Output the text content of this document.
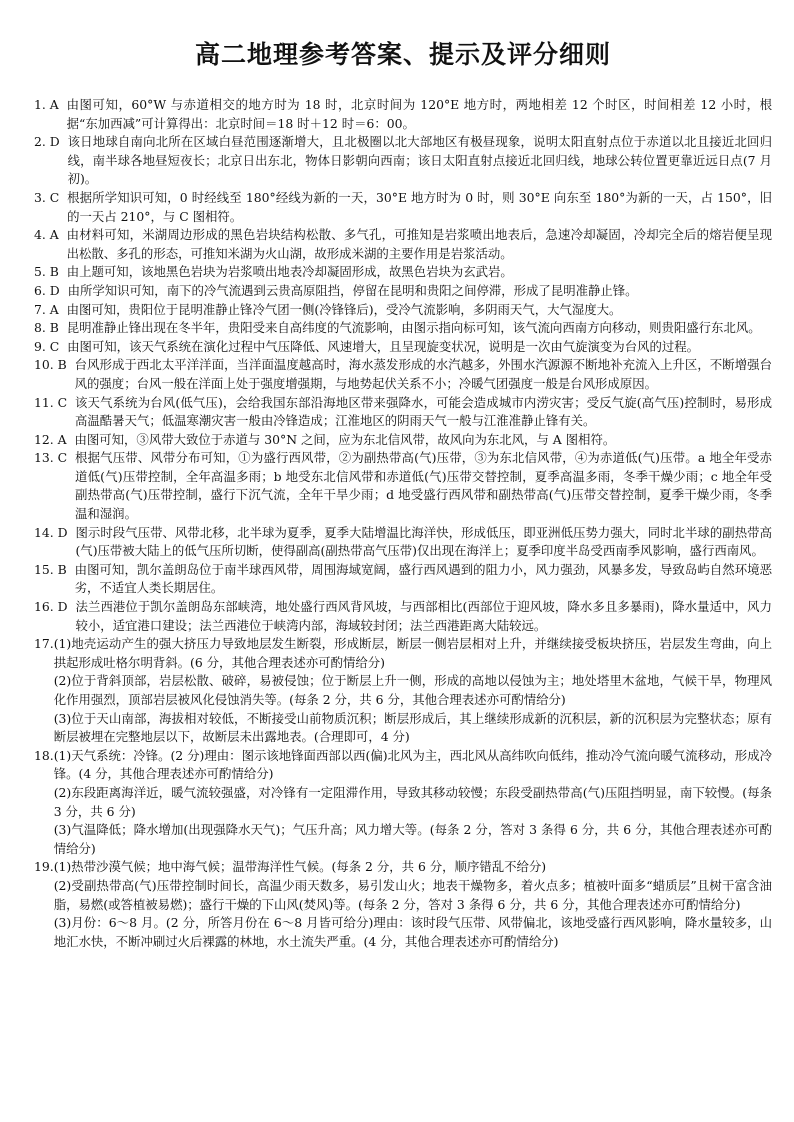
高二地理参考答案、提示及评分细则
1. A 由图可知，60°W 与赤道相交的地方时为 18 时，北京时间为 120°E 地方时，两地相差 12 个时区，时间相差 12 小时，根据“东加西减”可计算得出：北京时间＝18 时＋12 时＝6：00。
2. D 该日地球自南向北所在区域白昼范围逐渐增大，且北极圈以北大部地区有极昼现象，说明太阳直射点位于赤道以北且接近北回归线，南半球各地昼短夜长；北京日出东北，物体日影朝向西南；该日太阳直射点接近北回归线，地球公转位置更靠近远日点(7 月初)。
3. C 根据所学知识可知，0 时经线至 180°经线为新的一天，30°E 地方时为 0 时，则 30°E 向东至 180°为新的一天，占 150°，旧的一天占 210°，与 C 图相符。
4. A 由材料可知，米湖周边形成的黑色岩块结构松散、多气孔，可推知是岩浆喷出地表后，急速冷却凝固，冷却完全后的熔岩便呈现出松散、多孔的形态，可推知米湖为火山湖，故形成米湖的主要作用是岩浆活动。
5. B 由上题可知，该地黑色岩块为岩浆喷出地表冷却凝固形成，故黑色岩块为玄武岩。
6. D 由所学知识可知，南下的冷气流遇到云贵高原阻挡，停留在昆明和贵阳之间停滞，形成了昆明准静止锋。
7. A 由图可知，贵阳位于昆明准静止锋冷气团一侧(冷锋锋后)，受冷气流影响，多阴雨天气，大气湿度大。
8. B 昆明准静止锋出现在冬半年，贵阳受来自高纬度的气流影响，由图示指向标可知，该气流向西南方向移动，则贵阳盛行东北风。
9. C 由图可知，该天气系统在演化过程中气压降低、风速增大，且呈现旋变状况，说明是一次由气旋演变为台风的过程。
10. B 台风形成于西北太平洋洋面，当洋面温度越高时，海水蒸发形成的水汽越多，外围水汽源源不断地补充流入上升区，不断增强台风的强度；台风一般在洋面上处于强度增强期，与地势起伏关系不小；冷暖气团强度一般是台风形成原因。
11. C 该天气系统为台风(低气压)，会给我国东部沿海地区带来强降水，可能会造成城市内涝灾害；受反气旋(高气压)控制时，易形成高温酷暑天气；低温寒潮灾害一般由冷锋造成；江淮地区的阴雨天气一般与江淮准静止锋有关。
12. A 由图可知，③风带大致位于赤道与 30°N 之间，应为东北信风带，故风向为东北风，与 A 图相符。
13. C 根据气压带、风带分布可知，①为盛行西风带，②为副热带高(气)压带，③为东北信风带，④为赤道低(气)压带。a 地全年受赤道低(气)压带控制，全年高温多雨；b 地受东北信风带和赤道低(气)压带交替控制，夏季高温多雨，冬季干燥少雨；c 地全年受副热带高(气)压带控制，盛行下沉气流，全年干旱少雨；d 地受盛行西风带和副热带高(气)压带交替控制，夏季干燥少雨，冬季温和湿润。
14. D 图示时段气压带、风带北移，北半球为夏季，夏季大陆增温比海洋快，形成低压，即亚洲低压势力强大，同时北半球的副热带高(气)压带被大陆上的低气压所切断，使得副高(副热带高气压带)仅出现在海洋上；夏季印度半岛受西南季风影响，盛行西南风。
15. B 由图可知，凯尔盖朗岛位于南半球西风带，周围海域宽阔，盛行西风遇到的阻力小，风力强劲，风暴多发，导致岛屿自然环境恶劣，不适宜人类长期居住。
16. D 法兰西港位于凯尔盖朗岛东部峡湾，地处盛行西风背风坡，与西部相比(西部位于迎风坡，降水多且多暴雨)，降水量适中，风力较小，适宜港口建设；法兰西港位于峡湾内部，海域较封闭；法兰西港距离大陆较远。
17. (1)地壳运动产生的强大挤压力导致地层发生断裂，形成断层，断层一侧岩层相对上升，并继续接受板块挤压，岩层发生弯曲，向上拱起形成吐格尔明背斜。(6 分，其他合理表述亦可酌情给分)
(2)位于背斜顶部，岩层松散、破碎，易被侵蚀；位于断层上升一侧，形成的高地以侵蚀为主；地处塔里木盆地，气候干旱，物理风化作用强烈，顶部岩层被风化侵蚀消失等。(每条 2 分，共 6 分，其他合理表述亦可酌情给分)
(3)位于天山南部，海拔相对较低，不断接受山前物质沉积；断层形成后，其上继续形成新的沉积层，新的沉积层为完整状态；原有断层被埋在完整地层以下，故断层未出露地表。(合理即可，4 分)
18. (1)天气系统：冷锋。(2 分)理由：图示该地锋面西部以西(偏)北风为主，西北风从高纬吹向低纬，推动冷气流向暖气流移动，形成冷锋。(4 分，其他合理表述亦可酌情给分)
(2)东段距离海洋近，暖气流较强盛，对冷锋有一定阻滞作用，导致其移动较慢；东段受副热带高(气)压阻挡明显，南下较慢。(每条 3 分，共 6 分)
(3)气温降低；降水增加(出现强降水天气)；气压升高；风力增大等。(每条 2 分，答对 3 条得 6 分，共 6 分，其他合理表述亦可酌情给分)
19. (1)热带沙漠气候；地中海气候；温带海洋性气候。(每条 2 分，共 6 分，顺序错乱不给分)
(2)受副热带高(气)压带控制时间长，高温少雨天数多，易引发山火；地表干燥物多，着火点多；植被叶面多“蜡质层”且树干富含油脂，易燃(或答植被易燃)；盛行干燥的下山风(焚风)等。(每条 2 分，答对 3 条得 6 分，共 6 分，其他合理表述亦可酌情给分)
(3)月份：6～8 月。(2 分，所答月份在 6～8 月皆可给分)理由：该时段气压带、风带偏北，该地受盛行西风影响，降水量较多，山地汇水快，不断冲刷过火后裸露的林地，水土流失严重。(4 分，其他合理表述亦可酌情给分)
